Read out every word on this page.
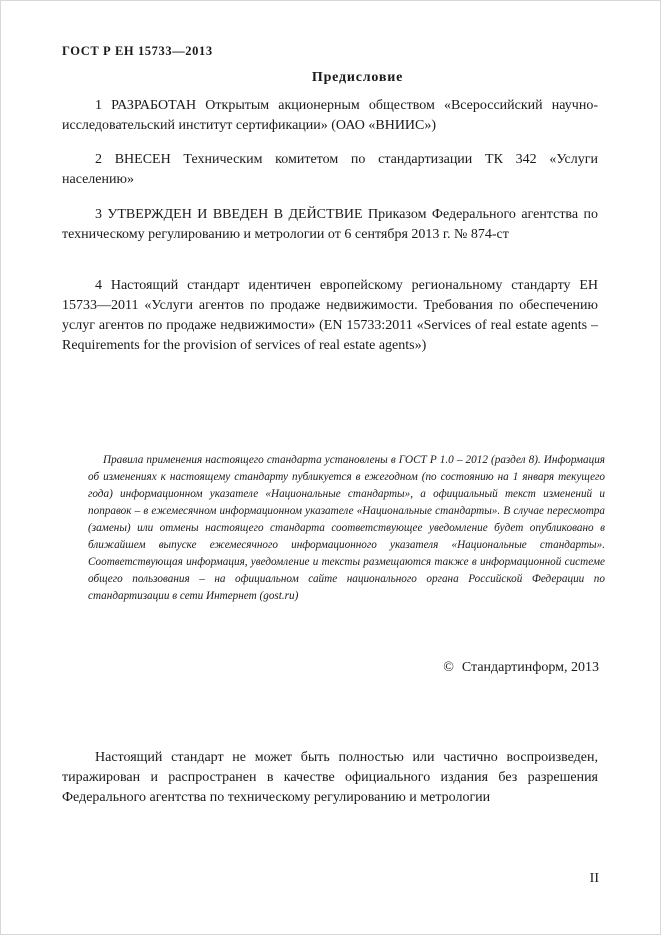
ГОСТ Р ЕН 15733—2013
Предисловие

1 РАЗРАБОТАН Открытым акционерным обществом «Всероссийский научно-исследовательский институт сертификации» (ОАО «ВНИИС»)

2 ВНЕСЕН Техническим комитетом по стандартизации ТК 342 «Услуги населению»

3 УТВЕРЖДЕН И ВВЕДЕН В ДЕЙСТВИЕ Приказом Федерального агентства по техническому регулированию и метрологии от 6 сентября 2013 г. № 874-ст

4 Настоящий стандарт идентичен европейскому региональному стандарту ЕН 15733—2011 «Услуги агентов по продаже недвижимости. Требования по обеспечению услуг агентов по продаже недвижимости» (EN 15733:2011 «Services of real estate agents – Requirements for the provision of services of real estate agents»)

Правила применения настоящего стандарта установлены в ГОСТ Р 1.0 – 2012 (раздел 8). Информация об изменениях к настоящему стандарту публикуется в ежегодном (по состоянию на 1 января текущего года) информационном указателе «Национальные стандарты», а официальный текст изменений и поправок – в ежемесячном информационном указателе «Национальные стандарты». В случае пересмотра (замены) или отмены настоящего стандарта соответствующее уведомление будет опубликовано в ближайшем выпуске ежемесячного информационного указателя «Национальные стандарты». Соответствующая информация, уведомление и тексты размещаются также в информационной системе общего пользования – на официальном сайте национального органа Российской Федерации по стандартизации в сети Интернет (gost.ru)

© Стандартинформ, 2013

Настоящий стандарт не может быть полностью или частично воспроизведен, тиражирован и распространен в качестве официального издания без разрешения Федерального агентства по техническому регулированию и метрологии

II
